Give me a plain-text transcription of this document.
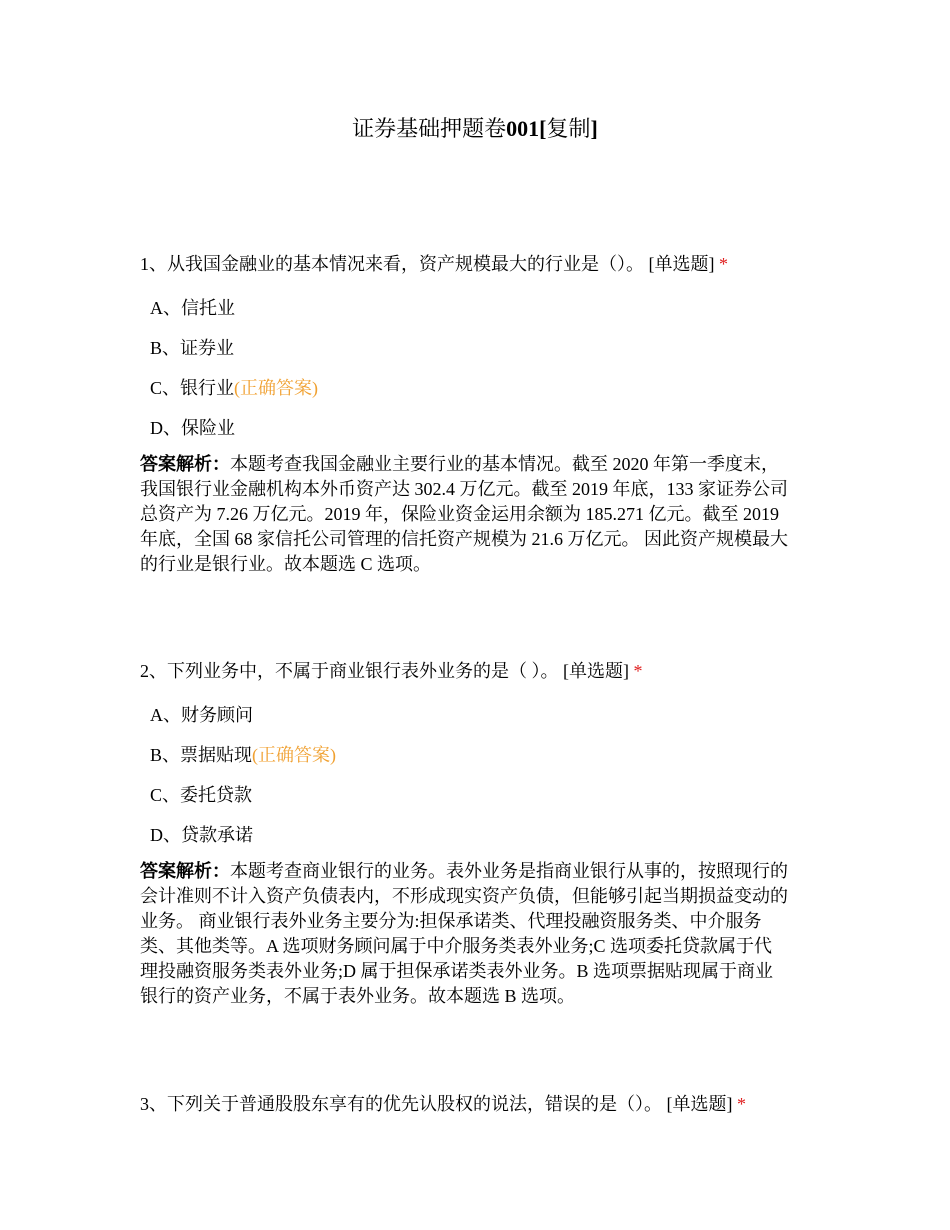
证券基础押题卷001[复制]
1、从我国金融业的基本情况来看，资产规模最大的行业是（）。 [单选题] *
A、信托业
B、证券业
C、银行业(正确答案)
D、保险业
答案解析：本题考查我国金融业主要行业的基本情况。截至 2020 年第一季度末，
我国银行业金融机构本外币资产达 302.4 万亿元。截至 2019 年底，133 家证券公司
总资产为 7.26 万亿元。2019 年，保险业资金运用余额为 185.271 亿元。截至 2019
年底，全国 68 家信托公司管理的信托资产规模为 21.6 万亿元。 因此资产规模最大
的行业是银行业。故本题选 C 选项。
2、下列业务中，不属于商业银行表外业务的是（ ）。 [单选题] *
A、财务顾问
B、票据贴现(正确答案)
C、委托贷款
D、贷款承诺
答案解析：本题考查商业银行的业务。表外业务是指商业银行从事的，按照现行的
会计准则不计入资产负债表内，不形成现实资产负债，但能够引起当期损益变动的
业务。 商业银行表外业务主要分为:担保承诺类、代理投融资服务类、中介服务
类、其他类等。A 选项财务顾问属于中介服务类表外业务;C 选项委托贷款属于代
理投融资服务类表外业务;D 属于担保承诺类表外业务。B 选项票据贴现属于商业
银行的资产业务，不属于表外业务。故本题选 B 选项。
3、下列关于普通股股东享有的优先认股权的说法，错误的是（）。 [单选题] *
